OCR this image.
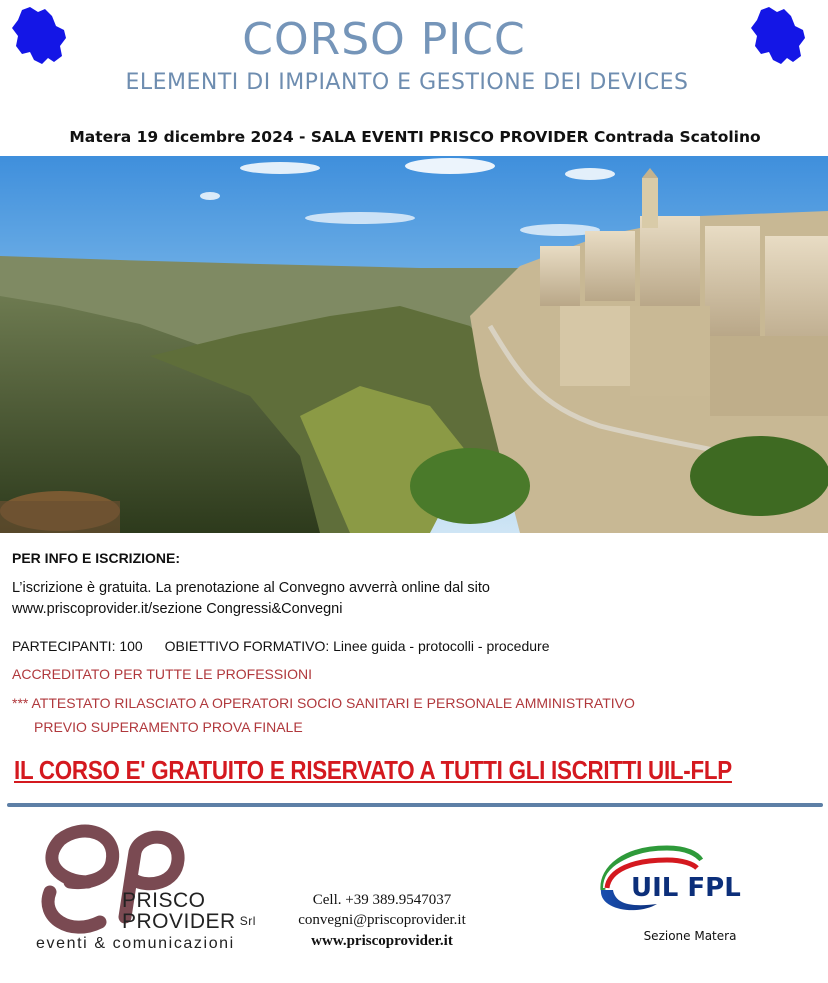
CORSO PICC
ELEMENTI DI IMPIANTO E GESTIONE DEI DEVICES
Matera 19 dicembre 2024 - SALA EVENTI PRISCO PROVIDER Contrada Scatolino
PER INFO E ISCRIZIONE:
L’iscrizione è gratuita. La prenotazione al Convegno avverrà online dal sito
www.priscoprovider.it/sezione Congressi&Convegni
PARTECIPANTI: 100 OBIETTIVO FORMATIVO: Linee guida - protocolli - procedure
ACCREDITATO PER TUTTE LE PROFESSIONI
*** ATTESTATO RILASCIATO A OPERATORI SOCIO SANITARI E PERSONALE AMMINISTRATIVO
PREVIO SUPERAMENTO PROVA FINALE
IL CORSO E' GRATUITO E RISERVATO A TUTTI GLI ISCRITTI UIL-FLP
PRISCO
PROVIDER $^{Srl}$
eventi & comunicazioni
Cell. +39 389.9547037
convegni@priscoprovider.it
www.priscoprovider.it
UIL FPL
Sezione Matera
